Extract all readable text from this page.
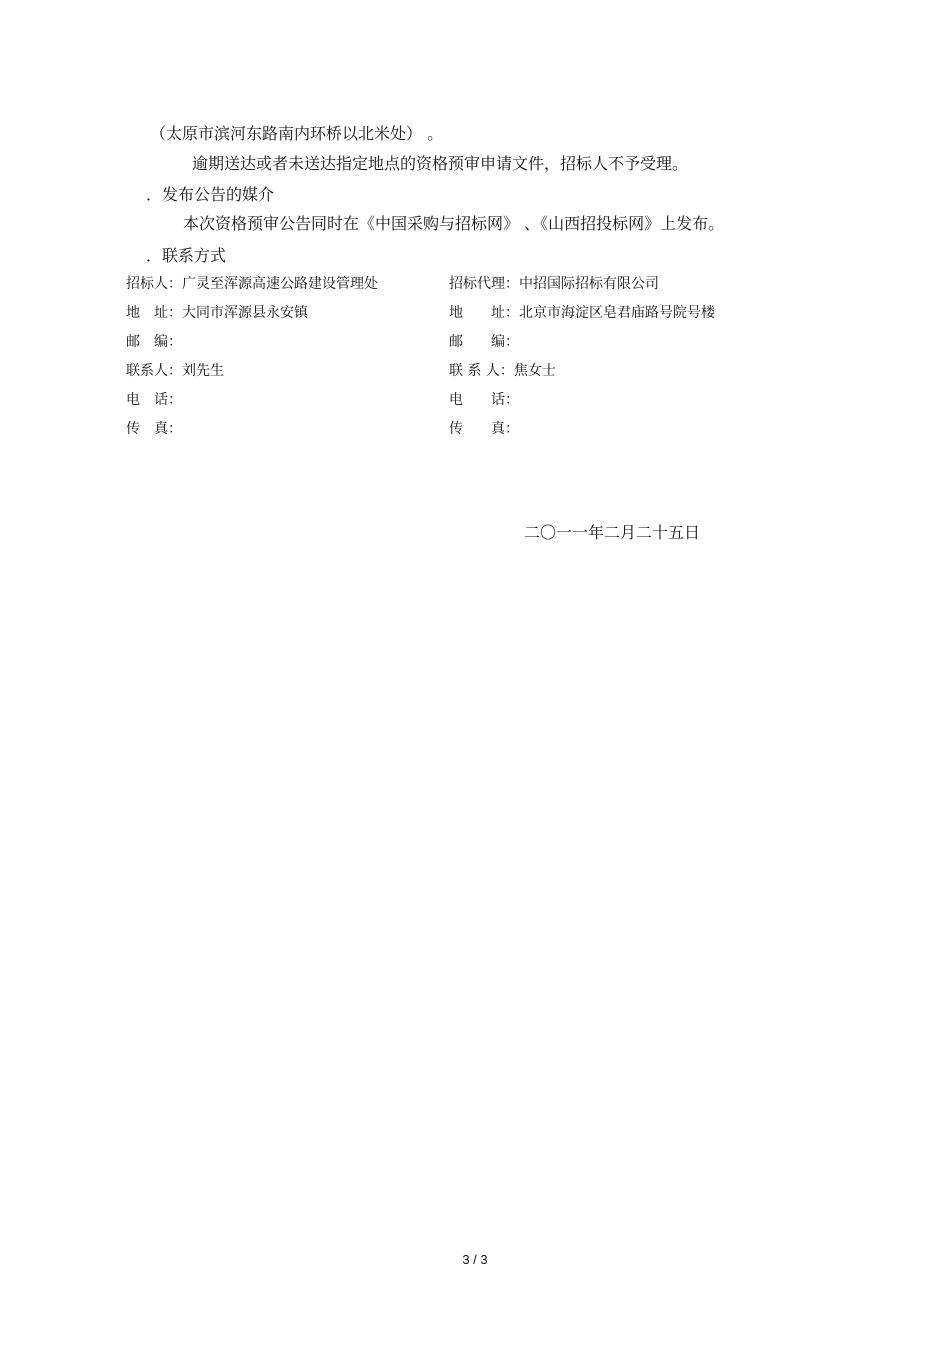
（太原市滨河东路南内环桥以北米处） 。
逾期送达或者未送达指定地点的资格预审申请文件，招标人不予受理。
．发布公告的媒介
本次资格预审公告同时在《中国采购与招标网》 、《山西招投标网》上发布。
．联系方式
招标人：广灵至浑源高速公路建设管理处
地　址：大同市浑源县永安镇
邮　编：
联系人：刘先生
电　话：
传　真：
招标代理：中招国际招标有限公司
地　　址：北京市海淀区皂君庙路号院号楼
邮　　编：
联 系 人：焦女士
电　　话：
传　　真：
二〇一一年二月二十五日
3 / 3
